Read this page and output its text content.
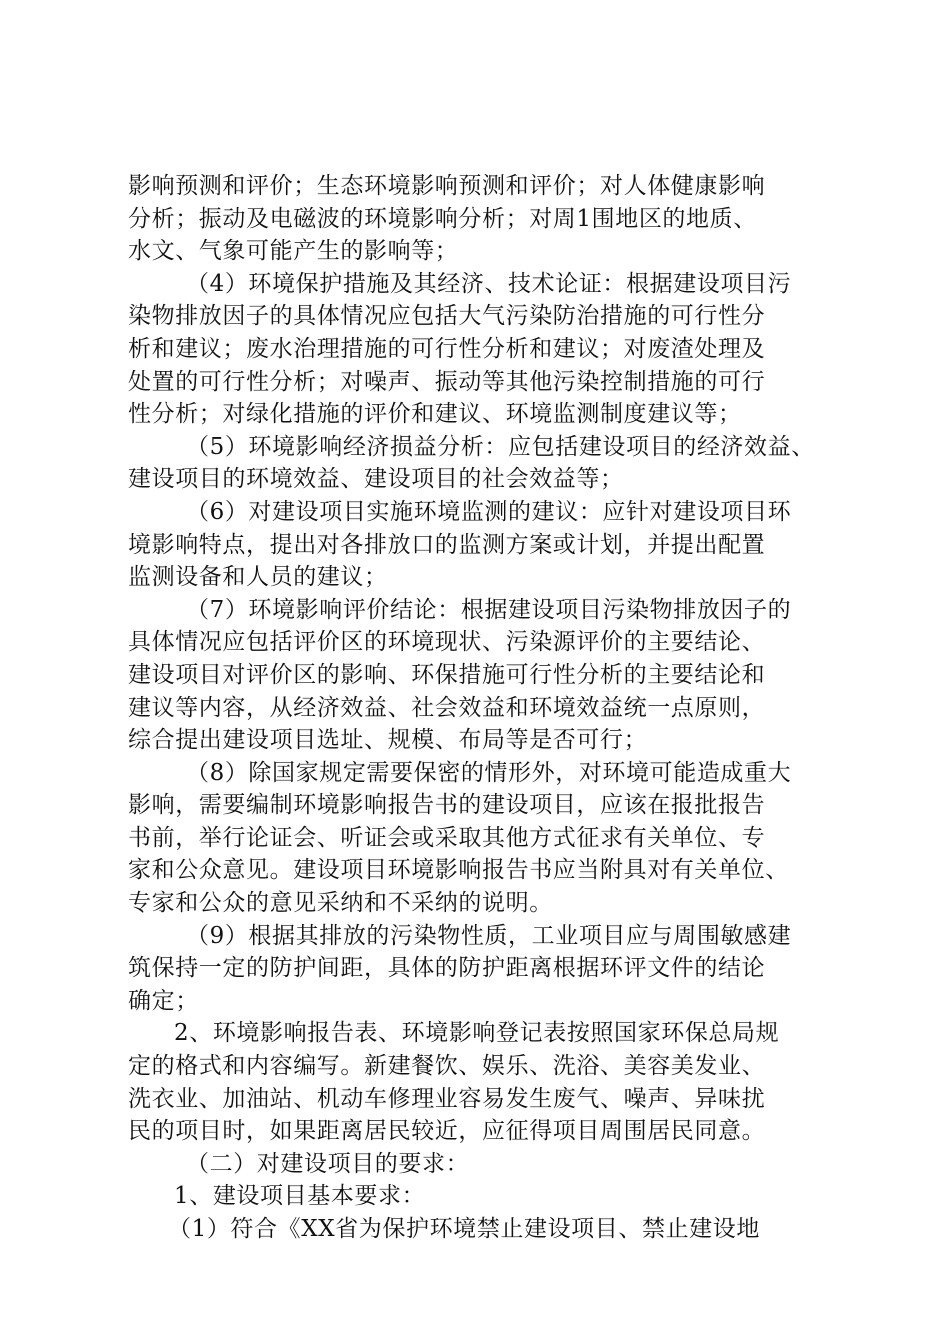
影响预测和评价；生态环境影响预测和评价；对人体健康影响
分析；振动及电磁波的环境影响分析；对周1围地区的地质、
水文、气象可能产生的影响等；
（4）环境保护措施及其经济、技术论证：根据建设项目污
染物排放因子的具体情况应包括大气污染防治措施的可行性分
析和建议；废水治理措施的可行性分析和建议；对废渣处理及
处置的可行性分析；对噪声、振动等其他污染控制措施的可行
性分析；对绿化措施的评价和建议、环境监测制度建议等；
（5）环境影响经济损益分析：应包括建设项目的经济效益、
建设项目的环境效益、建设项目的社会效益等；
（6）对建设项目实施环境监测的建议：应针对建设项目环
境影响特点，提出对各排放口的监测方案或计划，并提出配置
监测设备和人员的建议；
（7）环境影响评价结论：根据建设项目污染物排放因子的
具体情况应包括评价区的环境现状、污染源评价的主要结论、
建设项目对评价区的影响、环保措施可行性分析的主要结论和
建议等内容，从经济效益、社会效益和环境效益统一点原则，
综合提出建设项目选址、规模、布局等是否可行；
（8）除国家规定需要保密的情形外，对环境可能造成重大
影响，需要编制环境影响报告书的建设项目，应该在报批报告
书前，举行论证会、听证会或采取其他方式征求有关单位、专
家和公众意见。建设项目环境影响报告书应当附具对有关单位、
专家和公众的意见采纳和不采纳的说明。
（9）根据其排放的污染物性质，工业项目应与周围敏感建
筑保持一定的防护间距，具体的防护距离根据环评文件的结论
确定；
2、环境影响报告表、环境影响登记表按照国家环保总局规
定的格式和内容编写。新建餐饮、娱乐、洗浴、美容美发业、
洗衣业、加油站、机动车修理业容易发生废气、噪声、异味扰
民的项目时，如果距离居民较近，应征得项目周围居民同意。
（二）对建设项目的要求：
1、建设项目基本要求：
（1）符合《XX省为保护环境禁止建设项目、禁止建设地
